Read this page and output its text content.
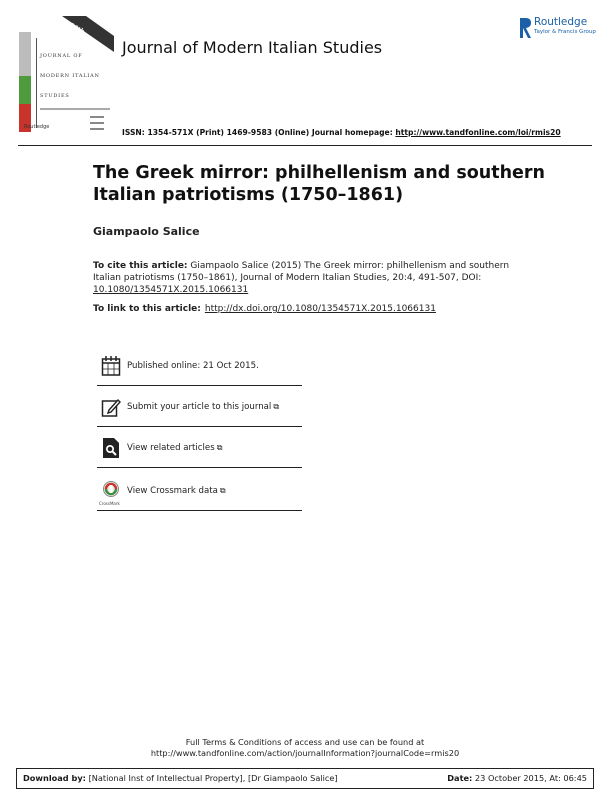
JOURNAL OF
MODERN ITALIAN
STUDIES
20th anniversary
Routledge
Journal of Modern Italian Studies
Routledge
Taylor & Francis Group
ISSN: 1354-571X (Print) 1469-9583 (Online) Journal homepage: http://www.tandfonline.com/loi/rmis20
The Greek mirror: philhellenism and southern Italian patriotisms (1750–1861)
Giampaolo Salice
To cite this article: Giampaolo Salice (2015) The Greek mirror: philhellenism and southern Italian patriotisms (1750–1861), Journal of Modern Italian Studies, 20:4, 491-507, DOI: 10.1080/1354571X.2015.1066131
To link to this article: http://dx.doi.org/10.1080/1354571X.2015.1066131
Published online: 21 Oct 2015.
Submit your article to this journal ⧉
View related articles ⧉
CrossMark
View Crossmark data ⧉
Full Terms & Conditions of access and use can be found at
http://www.tandfonline.com/action/journalInformation?journalCode=rmis20
Download by: [National Inst of Intellectual Property], [Dr Giampaolo Salice]	Date: 23 October 2015, At: 06:45
